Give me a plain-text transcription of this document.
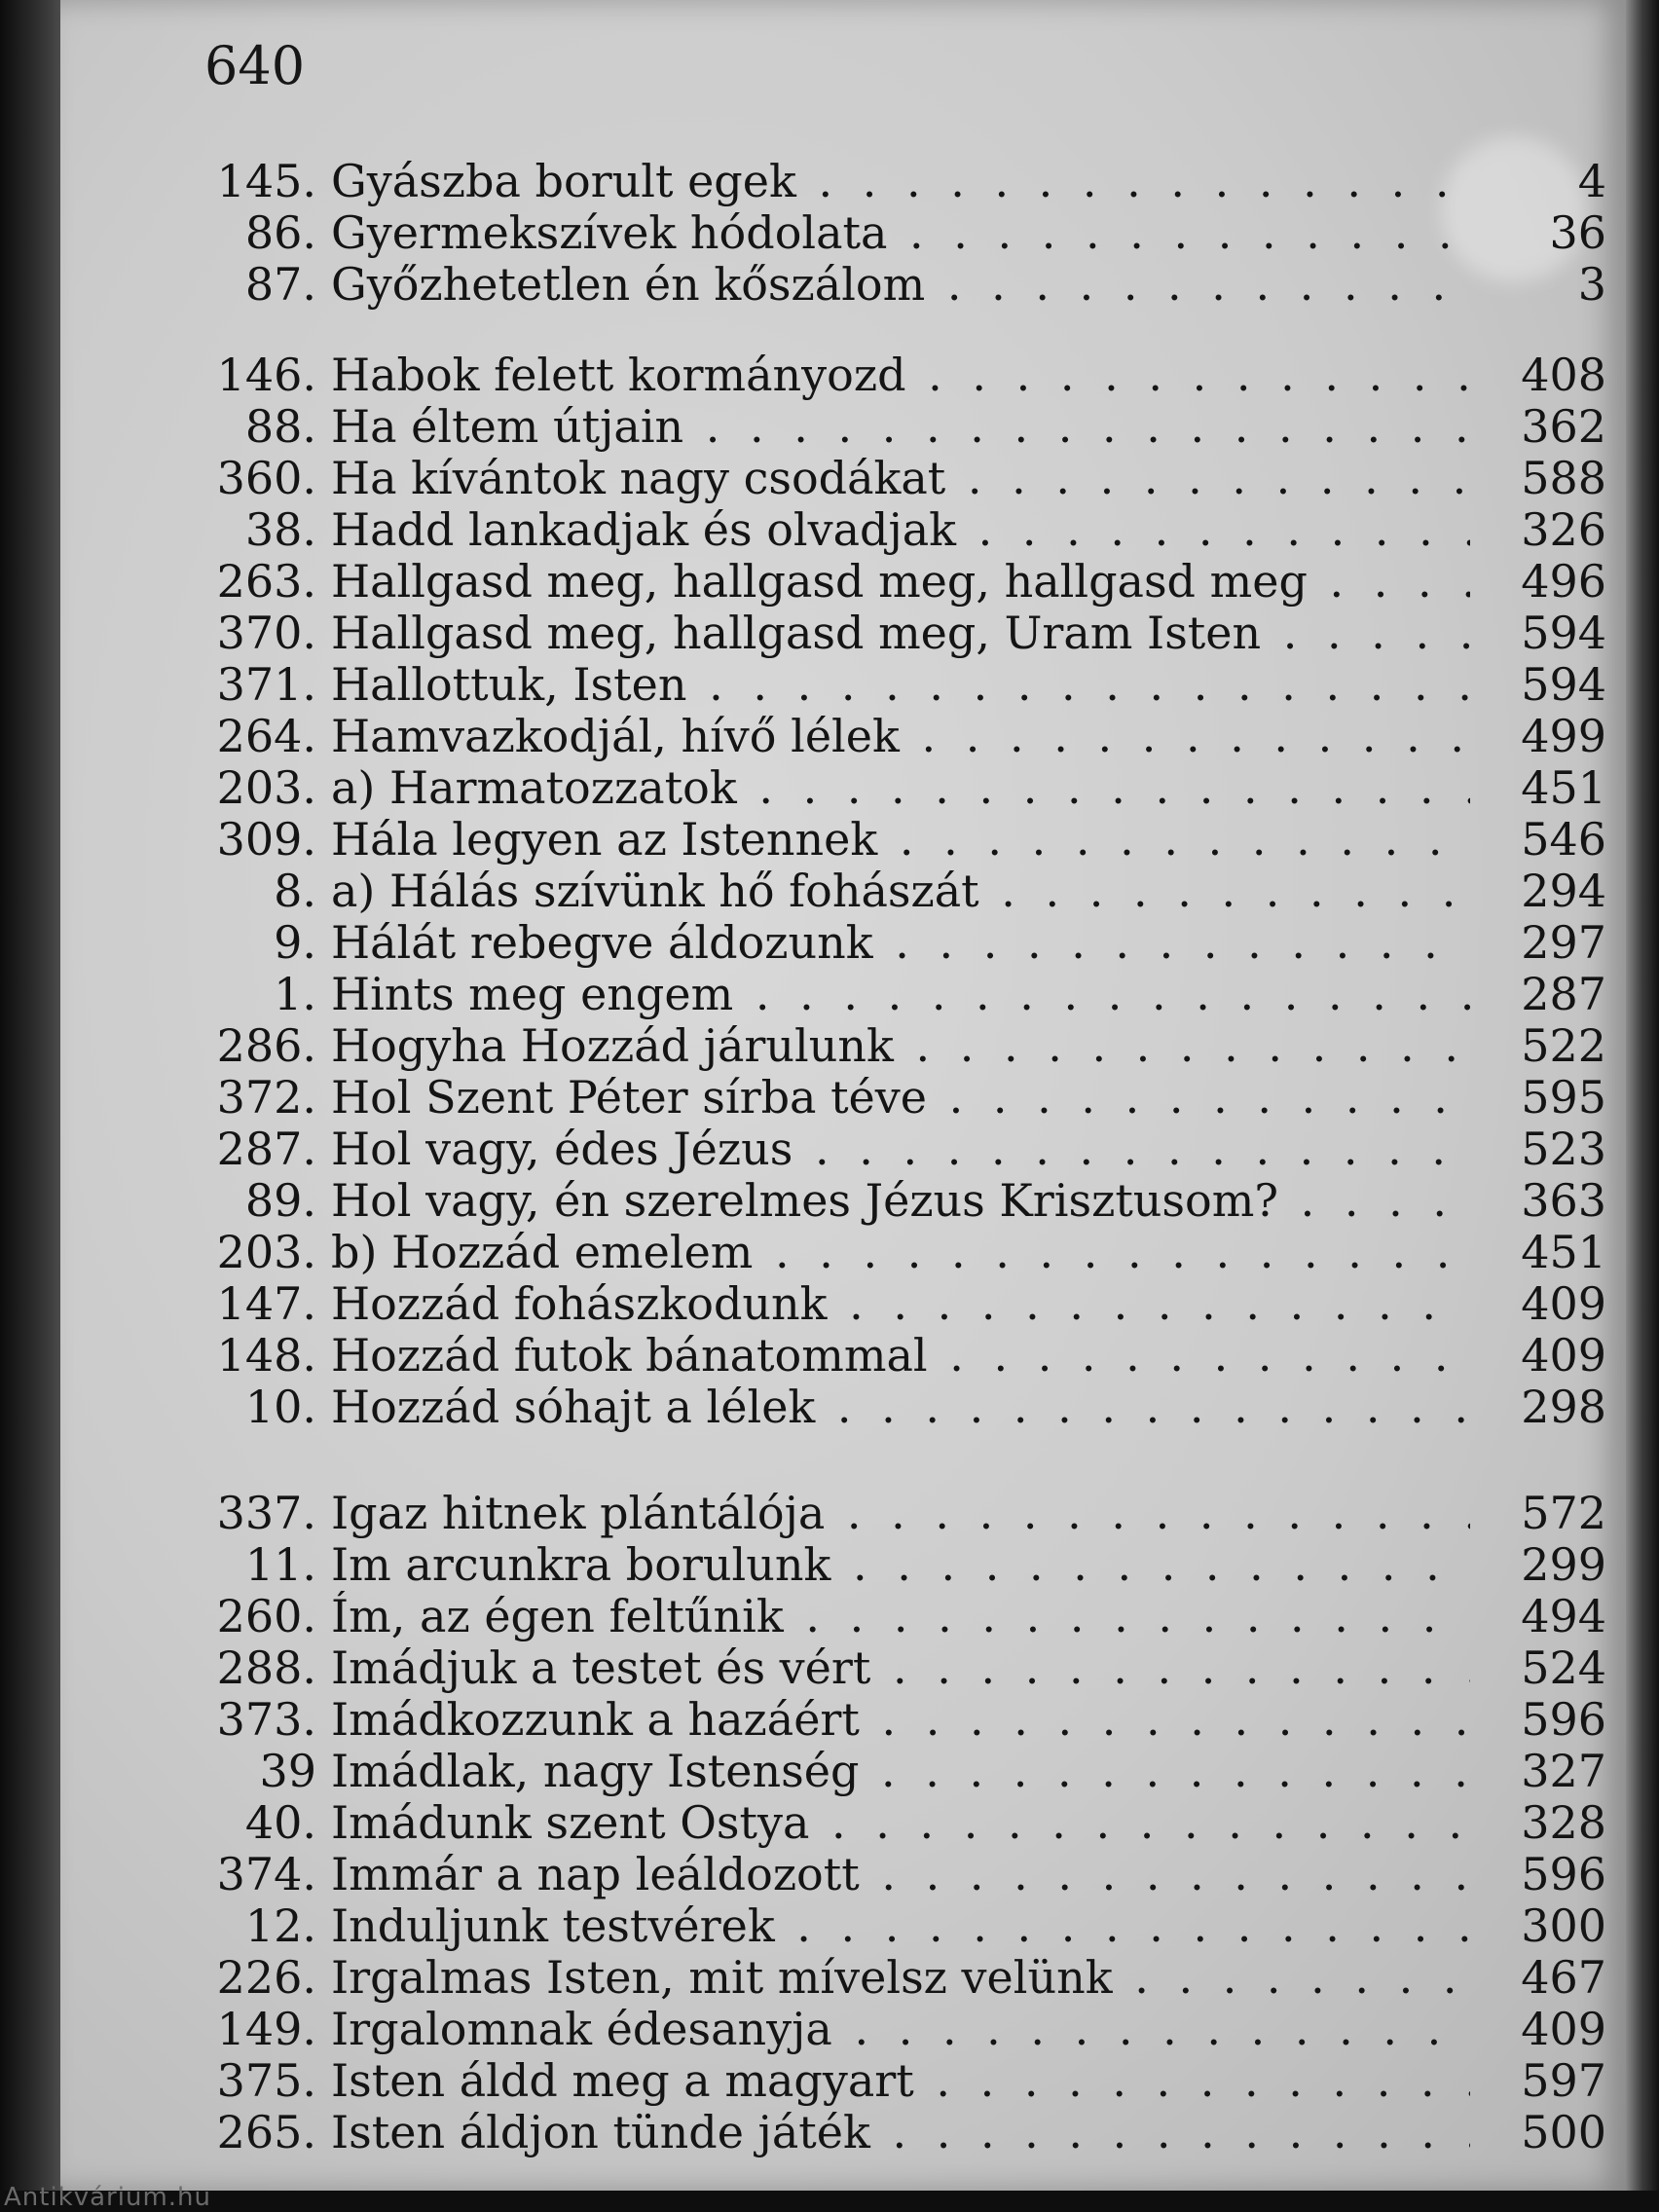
640
145. Gyászba borult egek . . .	4
86. Gyermekszívek hódolata . . .	36
87. Győzhetetlen én kőszálom . . .	3
146. Habok felett kormányozd . . .	408
88. Ha éltem útjain . . .	362
360. Ha kívántok nagy csodákat . . .	588
38. Hadd lankadjak és olvadjak . . .	326
263. Hallgasd meg, hallgasd meg, hallgasd meg . . .	496
370. Hallgasd meg, hallgasd meg, Uram Isten . . .	594
371. Hallottuk, Isten . . .	594
264. Hamvazkodjál, hívő lélek . . .	499
203. a) Harmatozzatok . . .	451
309. Hála legyen az Istennek . . .	546
8. a) Hálás szívünk hő fohászát . . .	294
9. Hálát rebegve áldozunk . . .	297
1. Hints meg engem . . .	287
286. Hogyha Hozzád járulunk . . .	522
372. Hol Szent Péter sírba téve . . .	595
287. Hol vagy, édes Jézus . . .	523
89. Hol vagy, én szerelmes Jézus Krisztusom? . . .	363
203. b) Hozzád emelem . . .	451
147. Hozzád fohászkodunk . . .	409
148. Hozzád futok bánatommal . . .	409
10. Hozzád sóhajt a lélek . . .	298
337. Igaz hitnek plántálója . . .	572
11. Im arcunkra borulunk . . .	299
260. Ím, az égen feltűnik . . .	494
288. Imádjuk a testet és vért . . .	524
373. Imádkozzunk a hazáért . . .	596
39 Imádlak, nagy Istenség . . .	327
40. Imádunk szent Ostya . . .	328
374. Immár a nap leáldozott . . .	596
12. Induljunk testvérek . . .	300
226. Irgalmas Isten, mit mívelsz velünk . . .	467
149. Irgalomnak édesanyja . . .	409
375. Isten áldd meg a magyart . . .	597
265. Isten áldjon tünde játék . . .	500
Antikvárium.hu
